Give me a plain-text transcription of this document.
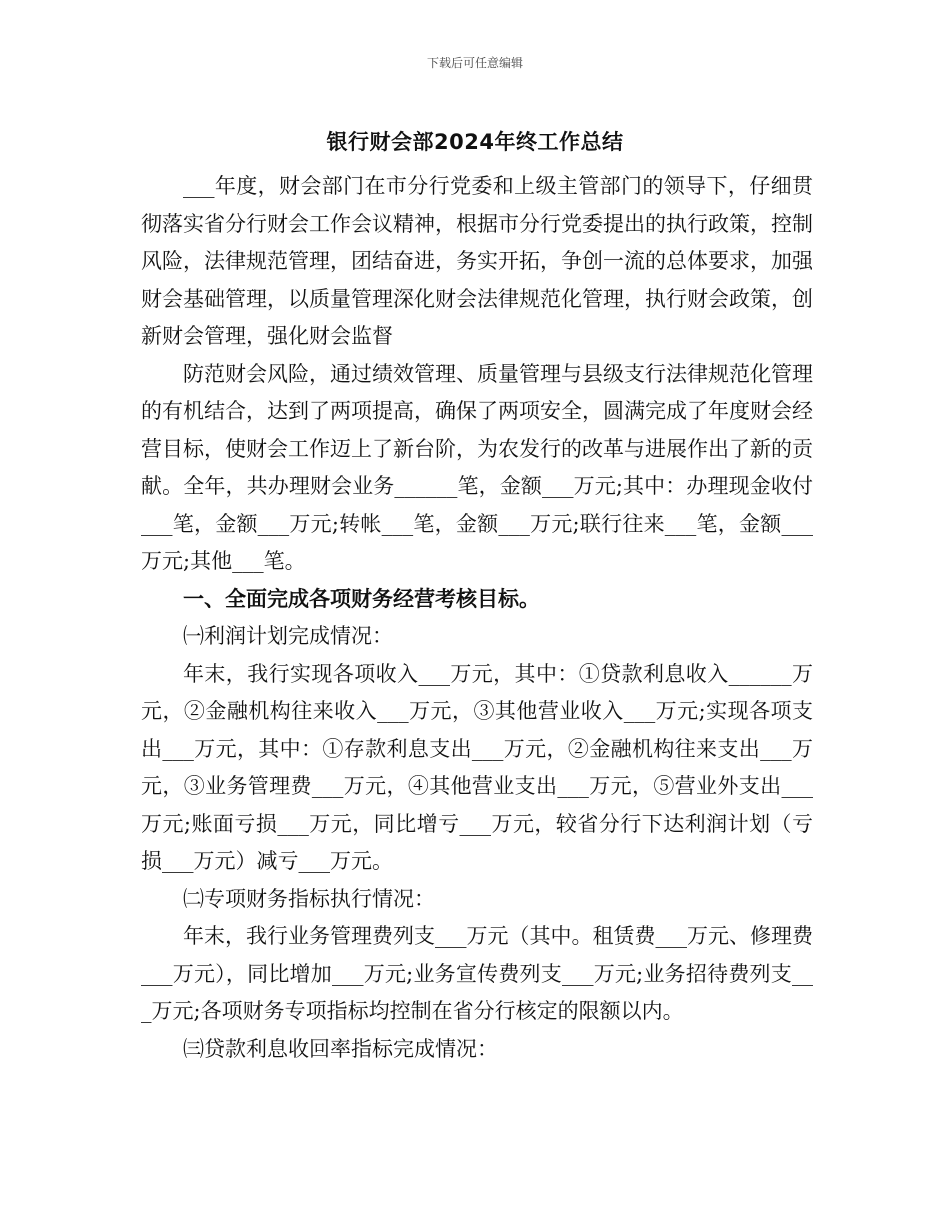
下载后可任意编辑
银行财会部2024年终工作总结

___年度，财会部门在市分行党委和上级主管部门的领导下，仔细贯彻落实省分行财会工作会议精神，根据市分行党委提出的执行政策，控制风险，法律规范管理，团结奋进，务实开拓，争创一流的总体要求，加强财会基础管理，以质量管理深化财会法律规范化管理，执行财会政策，创新财会管理，强化财会监督

防范财会风险，通过绩效管理、质量管理与县级支行法律规范化管理的有机结合，达到了两项提高，确保了两项安全，圆满完成了年度财会经营目标，使财会工作迈上了新台阶，为农发行的改革与进展作出了新的贡献。全年，共办理财会业务______笔，金额___万元;其中：办理现金收付___笔，金额___万元;转帐___笔，金额___万元;联行往来___笔，金额___万元;其他___笔。

一、全面完成各项财务经营考核目标。

㈠利润计划完成情况：

年末，我行实现各项收入___万元，其中：①贷款利息收入______万元，②金融机构往来收入___万元，③其他营业收入___万元;实现各项支出___万元，其中：①存款利息支出___万元，②金融机构往来支出___万元，③业务管理费___万元，④其他营业支出___万元，⑤营业外支出___万元;账面亏损___万元，同比增亏___万元，较省分行下达利润计划（亏损___万元）减亏___万元。

㈡专项财务指标执行情况：

年末，我行业务管理费列支___万元（其中。租赁费___万元、修理费___万元），同比增加___万元;业务宣传费列支___万元;业务招待费列支___万元;各项财务专项指标均控制在省分行核定的限额以内。

㈢贷款利息收回率指标完成情况：
